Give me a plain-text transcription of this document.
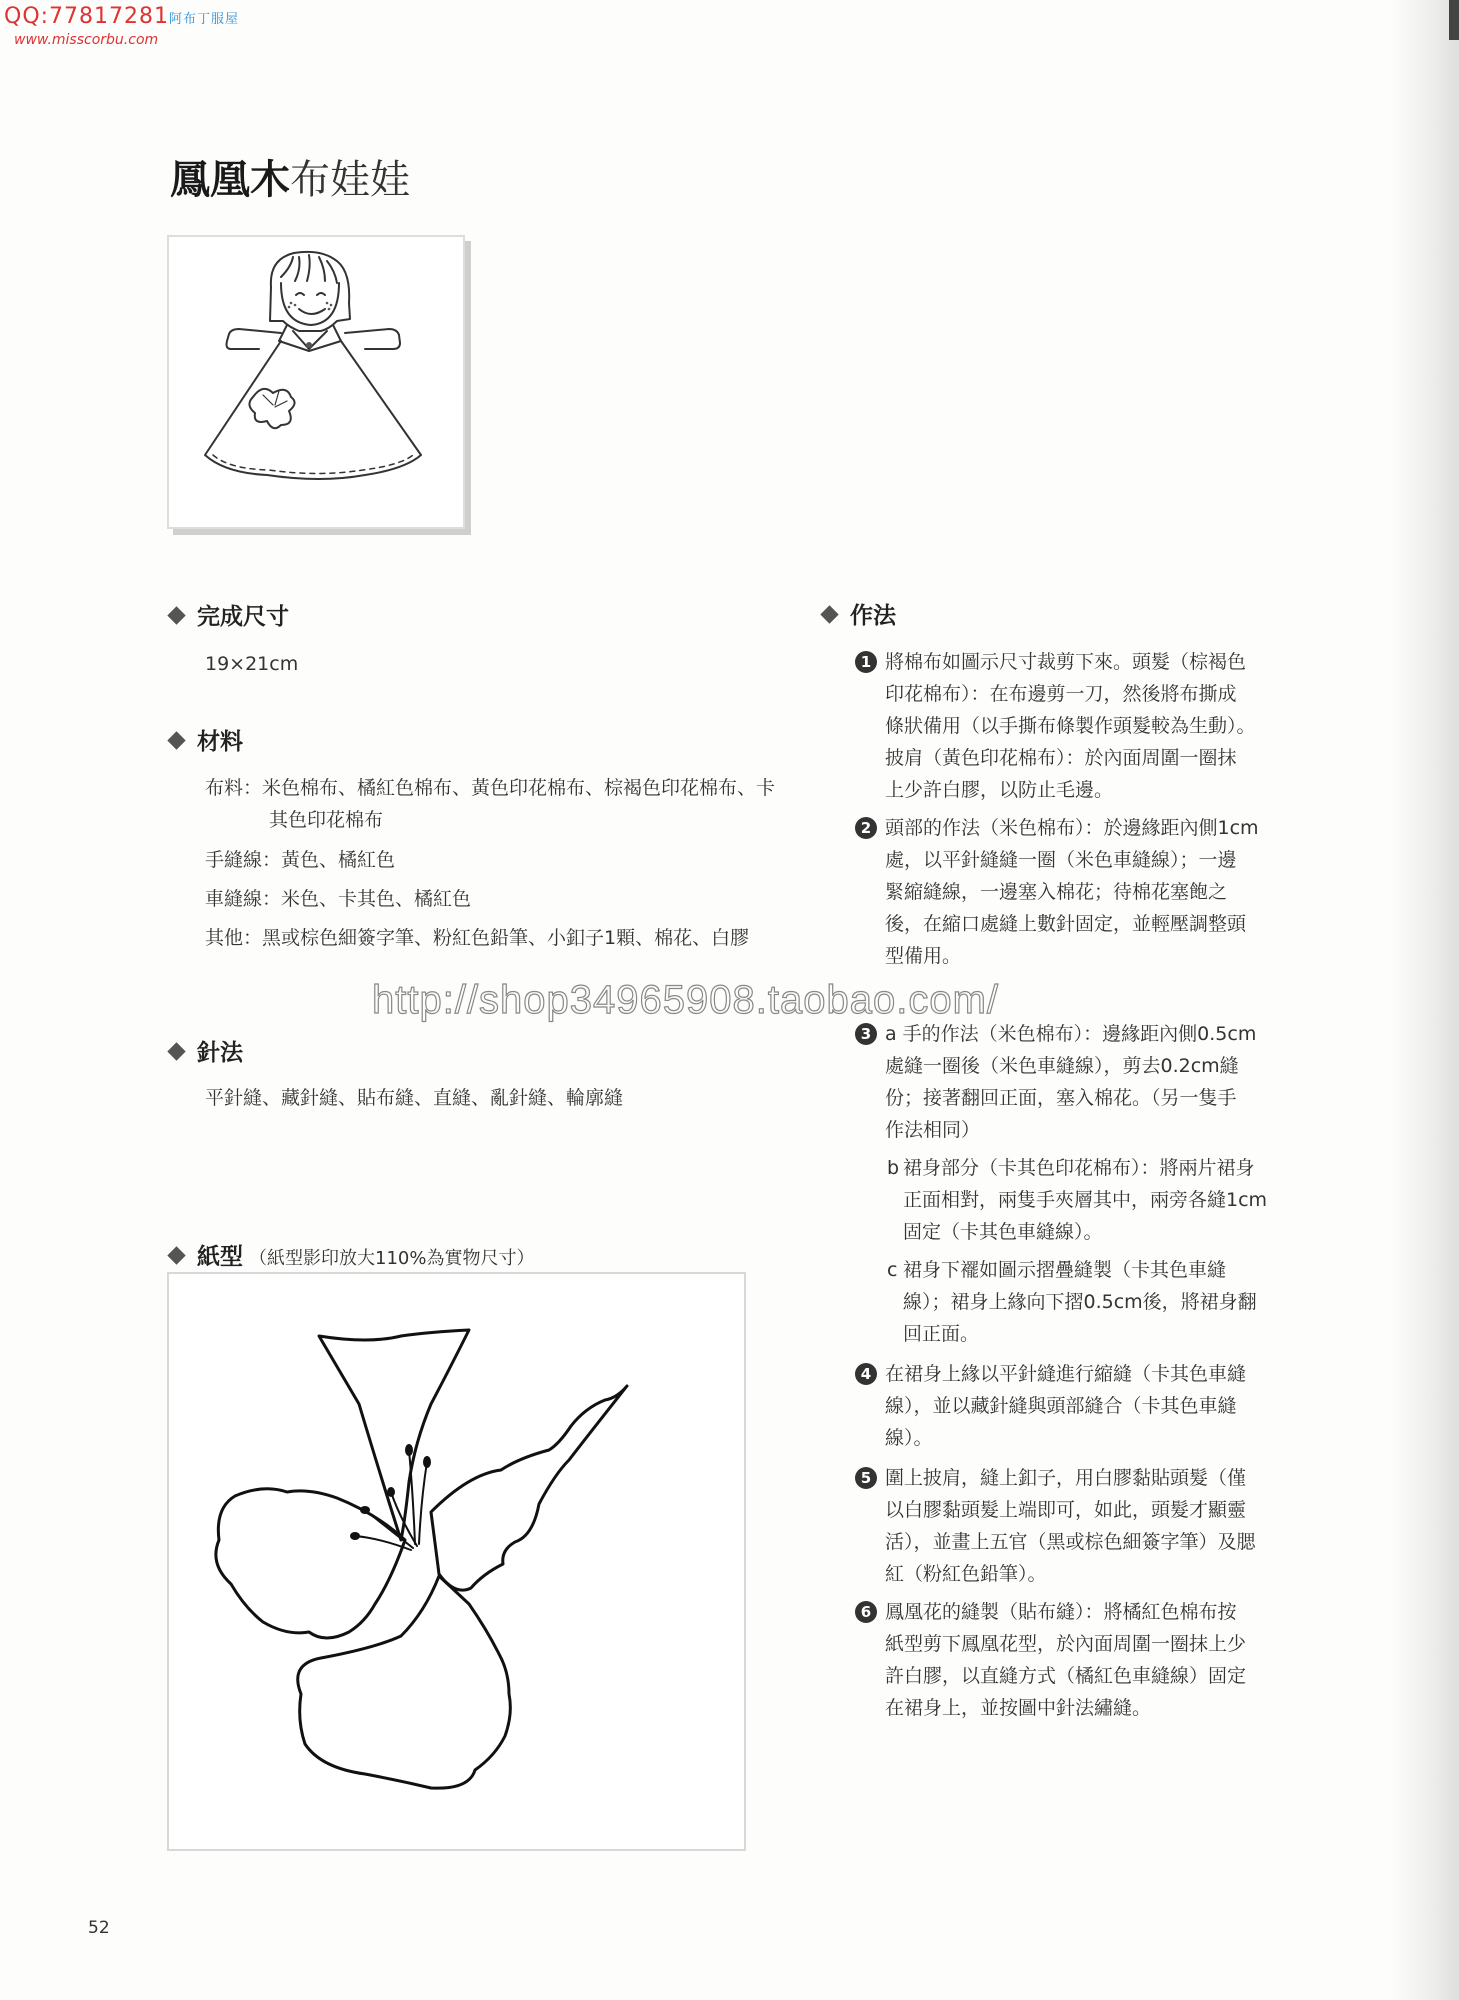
QQ:77817281阿布丁服屋
www.misscorbu.com
鳳凰木布娃娃
完成尺寸
19×21cm
材料
布料：米色棉布、橘紅色棉布、黃色印花棉布、棕褐色印花棉布、卡其色印花棉布
手縫線：黃色、橘紅色
車縫線：米色、卡其色、橘紅色
其他：黑或棕色細簽字筆、粉紅色鉛筆、小釦子1顆、棉花、白膠
針法
平針縫、藏針縫、貼布縫、直縫、亂針縫、輪廓縫
紙型 （紙型影印放大110%為實物尺寸）
http://shop34965908.taobao.com/
作法
1 將棉布如圖示尺寸裁剪下來。頭髮（棕褐色
印花棉布）：在布邊剪一刀，然後將布撕成
條狀備用（以手撕布條製作頭髮較為生動）。
披肩（黃色印花棉布）：於內面周圍一圈抹
上少許白膠，以防止毛邊。
2 頭部的作法（米色棉布）：於邊緣距內側1cm
處，以平針縫縫一圈（米色車縫線）；一邊
緊縮縫線，一邊塞入棉花；待棉花塞飽之
後，在縮口處縫上數針固定，並輕壓調整頭
型備用。
3 a 手的作法（米色棉布）：邊緣距內側0.5cm
處縫一圈後（米色車縫線），剪去0.2cm縫
份；接著翻回正面，塞入棉花。（另一隻手
作法相同）
b 裙身部分（卡其色印花棉布）：將兩片裙身
正面相對，兩隻手夾層其中，兩旁各縫1cm
固定（卡其色車縫線）。
c 裙身下襬如圖示摺疊縫製（卡其色車縫
線）；裙身上緣向下摺0.5cm後，將裙身翻
回正面。
4 在裙身上緣以平針縫進行縮縫（卡其色車縫
線），並以藏針縫與頭部縫合（卡其色車縫
線）。
5 圍上披肩，縫上釦子，用白膠黏貼頭髮（僅
以白膠黏頭髮上端即可，如此，頭髮才顯靈
活），並畫上五官（黑或棕色細簽字筆）及腮
紅（粉紅色鉛筆）。
6 鳳凰花的縫製（貼布縫）：將橘紅色棉布按
紙型剪下鳳凰花型，於內面周圍一圈抹上少
許白膠，以直縫方式（橘紅色車縫線）固定
在裙身上，並按圖中針法繡縫。
52
